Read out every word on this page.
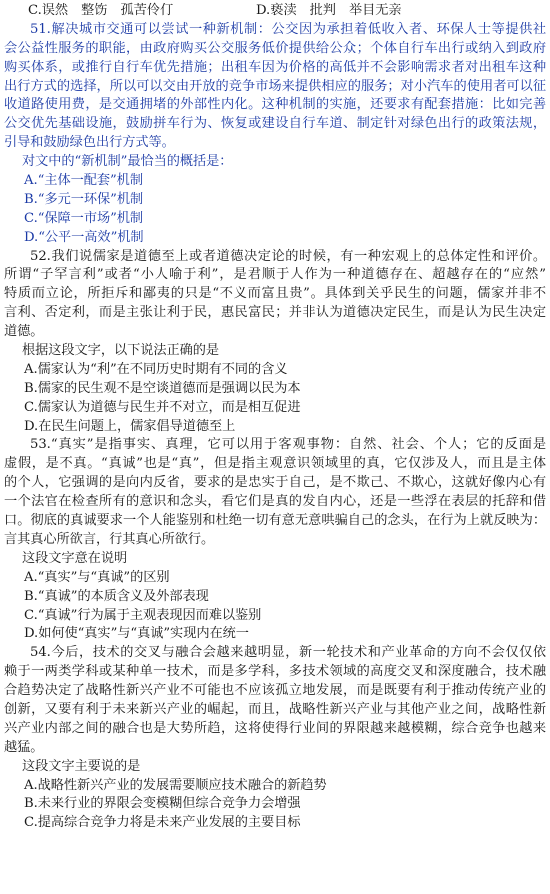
C.误然　整饬　孤苦伶仃	D.亵渎　批判　举目无亲
51.解决城市交通可以尝试一种新机制：公交因为承担着低收入者、环保人士等提供社
会公益性服务的职能，由政府购买公交服务低价提供给公众；个体自行车出行或纳入到政府
购买体系，或推行自行车优先措施；出租车因为价格的高低并不会影响需求者对出租车这种
出行方式的选择，所以可以交由开放的竞争市场来提供相应的服务；对小汽车的使用者可以征
收道路使用费，是交通拥堵的外部性内化。这种机制的实施，还要求有配套措施：比如完善
公交优先基础设施，鼓励拼车行为、恢复或建设自行车道、制定针对绿色出行的政策法规，
引导和鼓励绿色出行方式等。
对文中的“新机制”最恰当的概括是：
A.“主体一配套”机制
B.“多元一环保”机制
C.“保障一市场”机制
D.“公平一高效”机制
52.我们说儒家是道德至上或者道德决定论的时候，有一种宏观上的总体定性和评价。
所谓“子罕言利”或者“小人喻于利”，是君顺于人作为一种道德存在、超越存在的“应然”
特质而立论，所拒斥和鄙夷的只是“不义而富且贵”。具体到关乎民生的问题，儒家并非不
言利、否定利，而是主张让利于民，惠民富民；并非认为道德决定民生，而是认为民生决定
道德。
根据这段文字，以下说法正确的是
A.儒家认为“利”在不同历史时期有不同的含义
B.儒家的民生观不是空谈道德而是强调以民为本
C.儒家认为道德与民生并不对立，而是相互促进
D.在民生问题上，儒家倡导道德至上
53.“真实”是指事实、真理，它可以用于客观事物：自然、社会、个人；它的反面是
虚假，是不真。“真诚”也是“真”，但是指主观意识领域里的真，它仅涉及人，而且是主体
的个人，它强调的是向内反省，要求的是忠实于自己，是不欺己、不欺心，这就好像内心有
一个法官在检查所有的意识和念头，看它们是真的发自内心，还是一些浮在表层的托辞和借
口。彻底的真诚要求一个人能鉴别和杜绝一切有意无意哄骗自己的念头，在行为上就反映为：
言其真心所欲言，行其真心所欲行。
这段文字意在说明
A.“真实”与“真诚”的区别
B.“真诚”的本质含义及外部表现
C.“真诚”行为属于主观表现因而难以鉴别
D.如何使“真实”与“真诚”实现内在统一
54.今后，技术的交叉与融合会越来越明显，新一轮技术和产业革命的方向不会仅仅依
赖于一两类学科或某种单一技术，而是多学科，多技术领域的高度交叉和深度融合，技术融
合趋势决定了战略性新兴产业不可能也不应该孤立地发展，而是既要有利于推动传统产业的
创新，又要有利于未来新兴产业的崛起，而且，战略性新兴产业与其他产业之间，战略性新
兴产业内部之间的融合也是大势所趋，这将使得行业间的界限越来越模糊，综合竞争也越来
越猛。
这段文字主要说的是
A.战略性新兴产业的发展需要顺应技术融合的新趋势
B.未来行业的界限会变模糊但综合竞争力会增强
C.提高综合竞争力将是未来产业发展的主要目标
